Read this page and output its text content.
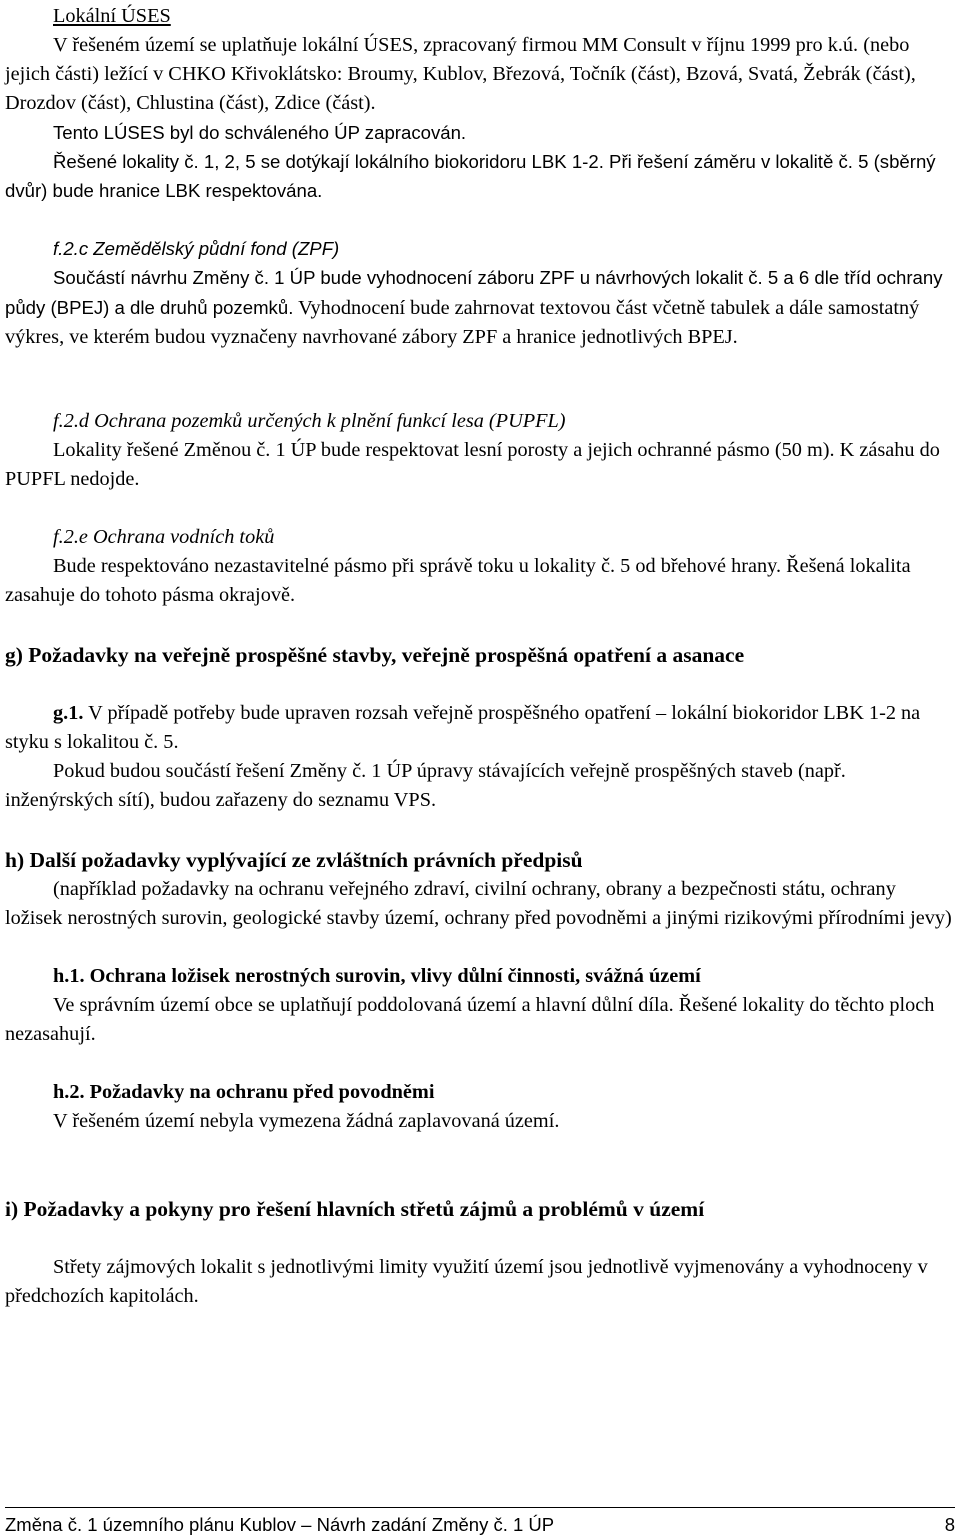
Lokální ÚSES

V řešeném území se uplatňuje lokální ÚSES, zpracovaný firmou MM Consult v říjnu 1999 pro k.ú. (nebo jejich části) ležící v CHKO Křivoklátsko: Broumy, Kublov, Březová, Točník (část), Bzová, Svatá, Žebrák (část), Drozdov (část), Chlustina (část), Zdice (část).

Tento LÚSES byl do schváleného ÚP zapracován.

Řešené lokality č. 1, 2, 5 se dotýkají lokálního biokoridoru LBK 1-2. Při řešení záměru v lokalitě č. 5 (sběrný dvůr) bude hranice LBK respektována.

f.2.c Zemědělský půdní fond (ZPF)

Součástí návrhu Změny č. 1 ÚP bude vyhodnocení záboru ZPF u návrhových lokalit č. 5 a 6 dle tříd ochrany půdy (BPEJ) a dle druhů pozemků. Vyhodnocení bude zahrnovat textovou část včetně tabulek a dále samostatný výkres, ve kterém budou vyznačeny navrhované zábory ZPF a hranice jednotlivých BPEJ.

f.2.d Ochrana pozemků určených k plnění funkcí lesa (PUPFL)

Lokality řešené Změnou č. 1 ÚP bude respektovat lesní porosty a jejich ochranné pásmo (50 m). K zásahu do PUPFL nedojde.

f.2.e Ochrana vodních toků

Bude respektováno nezastavitelné pásmo při správě toku u lokality č. 5 od břehové hrany. Řešená lokalita zasahuje do tohoto pásma okrajově.

g) Požadavky na veřejně prospěšné stavby, veřejně prospěšná opatření a asanace

g.1. V případě potřeby bude upraven rozsah veřejně prospěšného opatření – lokální biokoridor LBK 1-2 na styku s lokalitou č. 5.

Pokud budou součástí řešení Změny č. 1 ÚP úpravy stávajících veřejně prospěšných staveb (např. inženýrských sítí), budou zařazeny do seznamu VPS.

h) Další požadavky vyplývající ze zvláštních právních předpisů

(například požadavky na ochranu veřejného zdraví, civilní ochrany, obrany a bezpečnosti státu, ochrany ložisek nerostných surovin, geologické stavby území, ochrany před povodněmi a jinými rizikovými přírodními jevy)

h.1. Ochrana ložisek nerostných surovin, vlivy důlní činnosti, svážná území

Ve správním území obce se uplatňují poddolovaná území a hlavní důlní díla. Řešené lokality do těchto ploch nezasahují.

h.2. Požadavky na ochranu před povodněmi

V řešeném území nebyla vymezena žádná zaplavovaná území.

i) Požadavky a pokyny pro řešení hlavních střetů zájmů a problémů v území

Střety zájmových lokalit s jednotlivými limity využití území jsou jednotlivě vyjmenovány a vyhodnoceny v předchozích kapitolách.

Změna č. 1 územního plánu Kublov – Návrh zadání Změny č. 1 ÚP	8
